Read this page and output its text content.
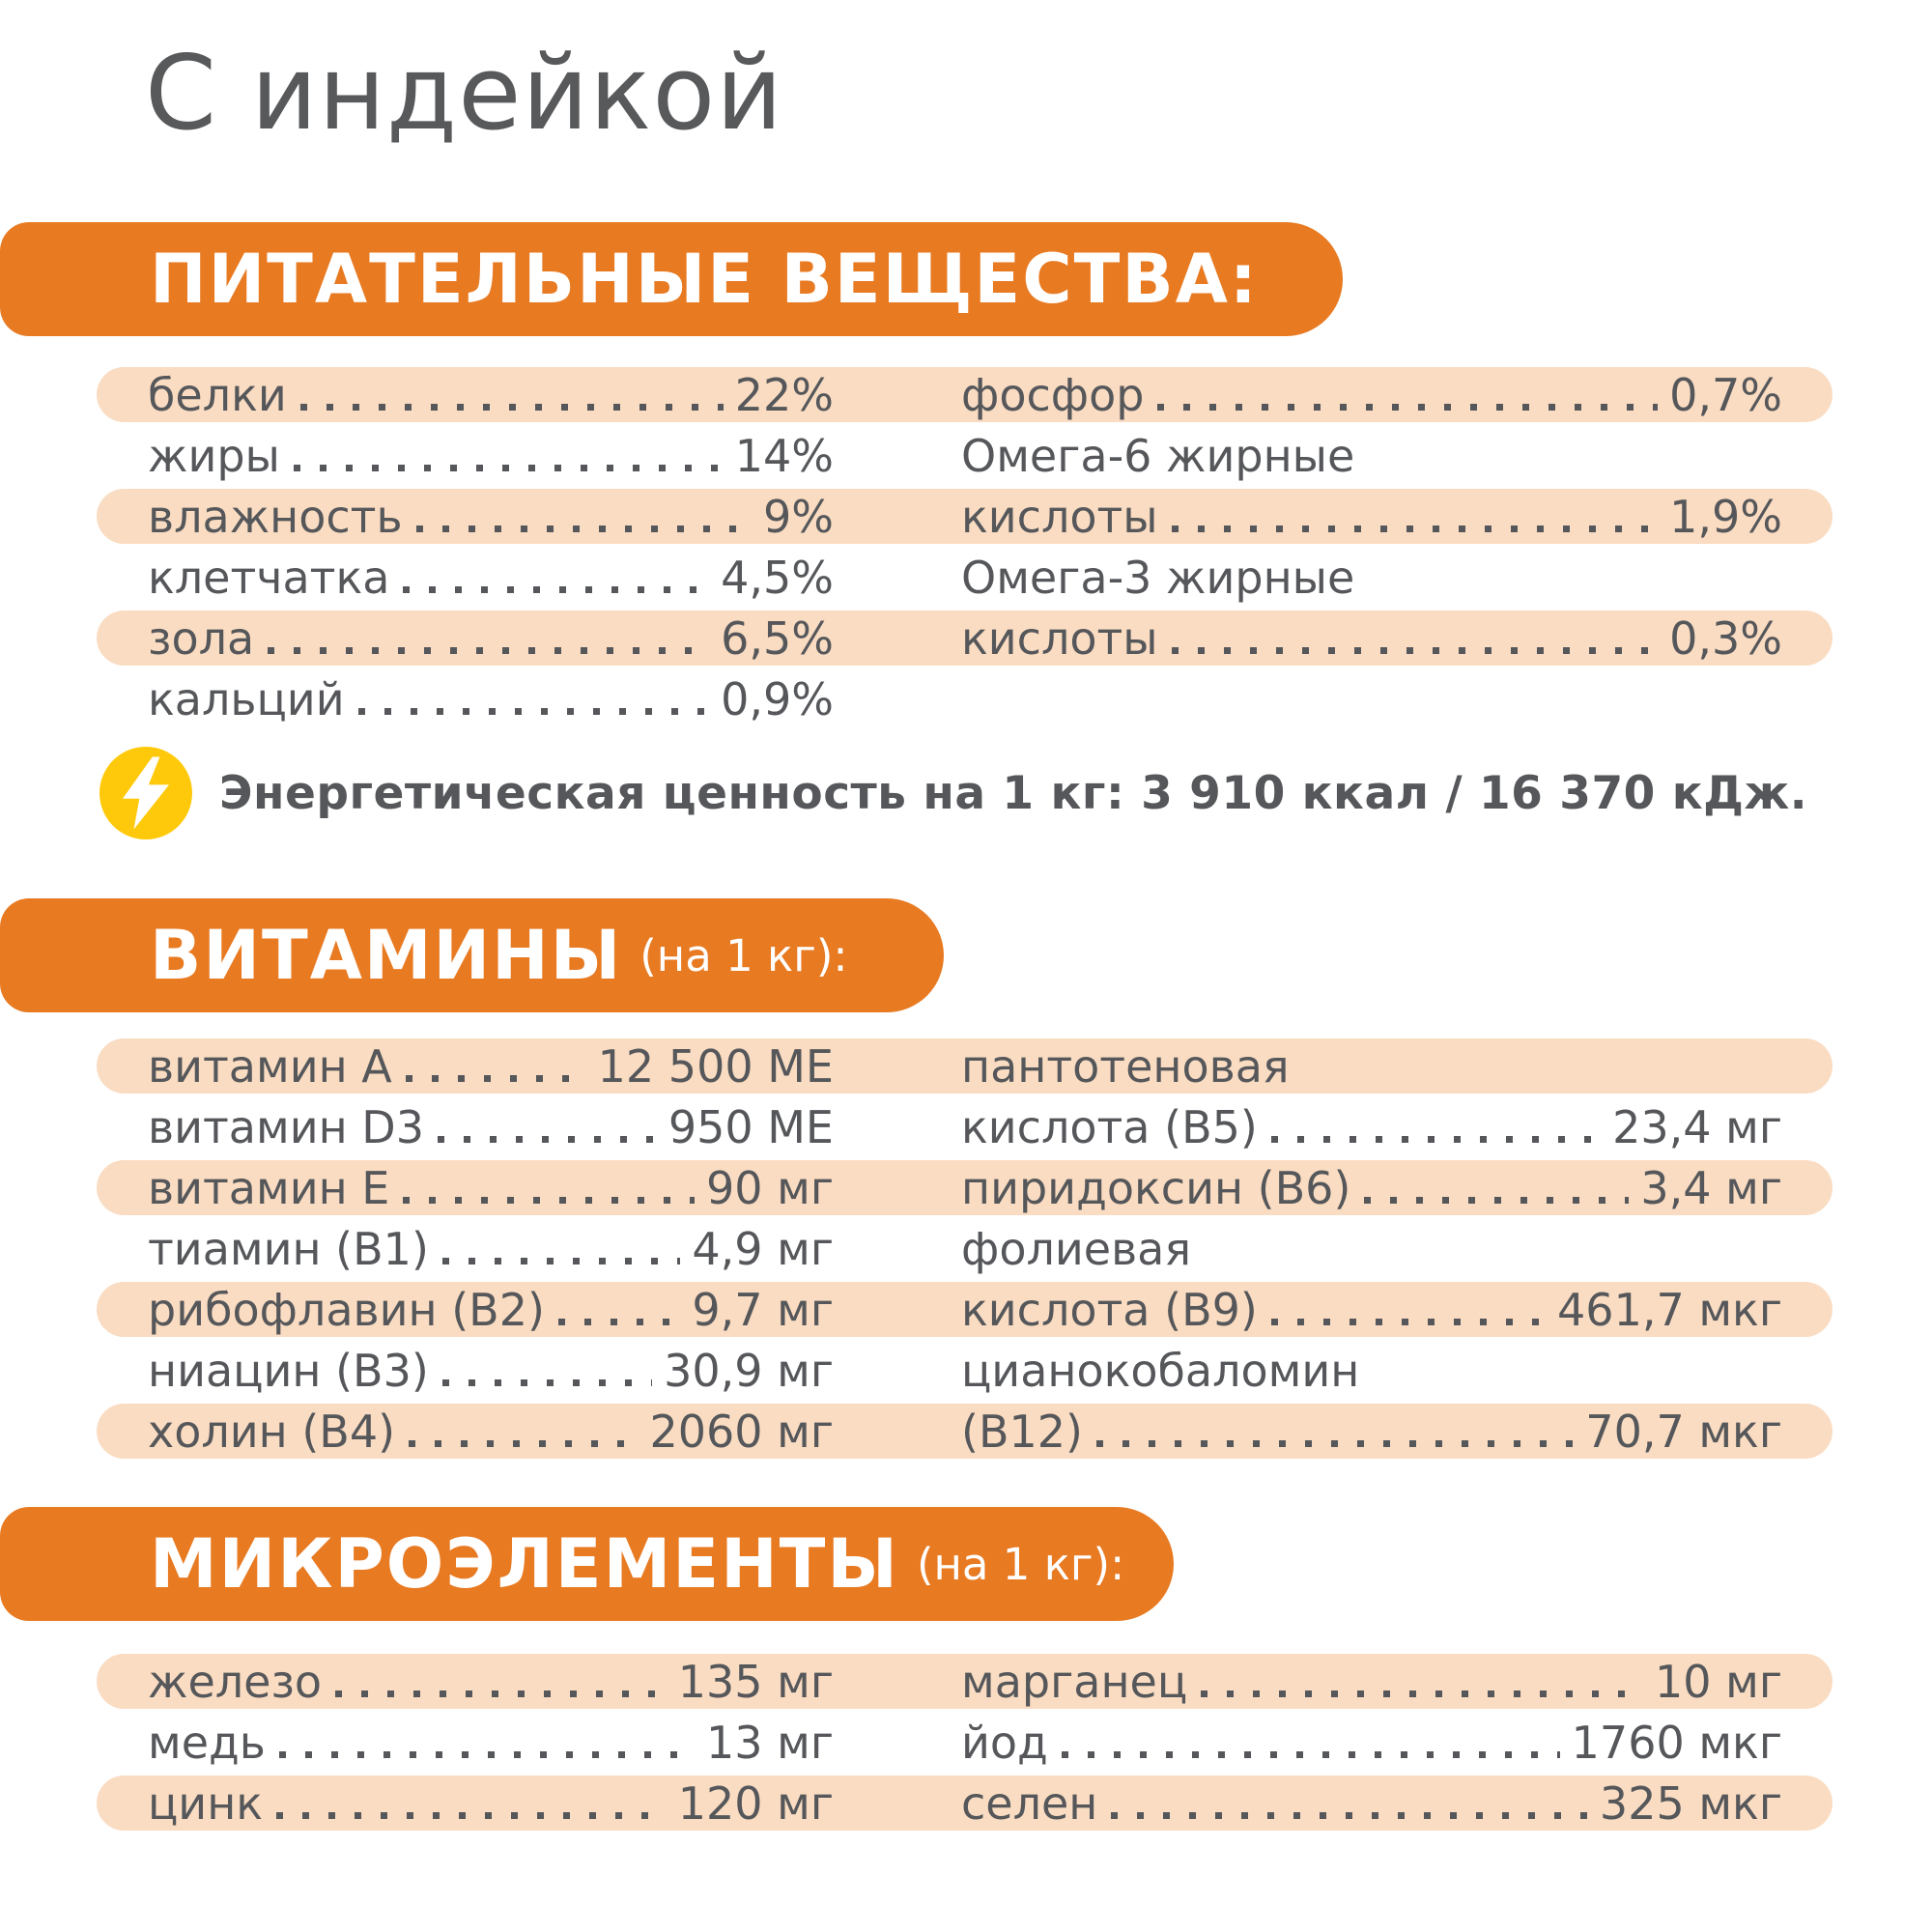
С индейкой
ПИТАТЕЛЬНЫЕ ВЕЩЕСТВА:
белки	22%	фосфор	0,7%
жиры	14%	Омега-6 жирные
влажность	9%	кислоты	1,9%
клетчатка	4,5%	Омега-3 жирные
зола	6,5%	кислоты	0,3%
кальций	0,9%
Энергетическая ценность на 1 кг: 3 910 ккал / 16 370 кДж.
ВИТАМИНЫ (на 1 кг):
витамин А	12 500 МЕ	пантотеновая
витамин D3	950 МЕ	кислота (В5)	23,4 мг
витамин Е	90 мг	пиридоксин (В6)	3,4 мг
тиамин (В1)	4,9 мг	фолиевая
рибофлавин (В2)	9,7 мг	кислота (В9)	461,7 мкг
ниацин (В3)	30,9 мг	цианокобаломин
холин (В4)	2060 мг	(В12)	70,7 мкг
МИКРОЭЛЕМЕНТЫ (на 1 кг):
железо	135 мг	марганец	10 мг
медь	13 мг	йод	1760 мкг
цинк	120 мг	селен	325 мкг
